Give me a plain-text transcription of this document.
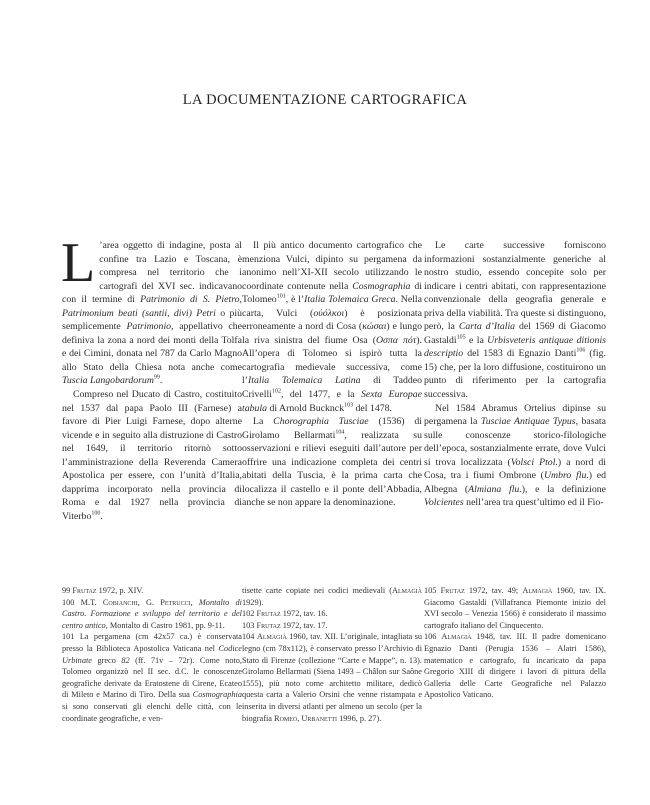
LA DOCUMENTAZIONE CARTOGRAFICA

L ’area oggetto di indagine, posta al confine tra Lazio e Toscana, è compresa nel territorio che i cartografi del XVI sec. indicavano con il termine di Patrimonio di S. Pietro, Patrimonium beati (santii, divi) Petri o più semplicemente Patrimonio, appellativo che definiva la zona a nord dei monti della Tolfa e dei Cimini, donata nel 787 da Carlo Magno allo Stato della Chiesa nota anche come Tuscia Langobardorum$^{99}$.

Compreso nel Ducato di Castro, costituito nel 1537 dal papa Paolo III (Farnese) a favore di Pier Luigi Farnese, dopo alterne vicende e in seguito alla distruzione di Castro nel 1649, il territorio ritornò sotto l’amministrazione della Reverenda Camera Apostolica per essere, con l’unità d’Italia, dapprima incorporato nella provincia di Roma e dal 1927 nella provincia di Viterbo$^{100}$.

Il più antico documento cartografico che menziona Vulci, dipinto su pergamena da anonimo nell’XI-XII secolo utilizzando le coordinate contenute nella Cosmographia di Tolomeo$^{101}$, è l’Italia Tolemaica Greca. Nella carta, Vulci (ούόλκοι) è posizionata erroneamente a nord di Cosa (κώσαι) e lungo la riva sinistra del fiume Osa (Οσπα πότ). All’opera di Tolomeo si ispirò tutta la cartografia medievale successiva, come l’Italia Tolemaica Latina di Taddeo Crivelli$^{102}$, del 1477, e la Sexta Europae tabula di Arnold Bucknck$^{103}$ del 1478.

La Chorographia Tusciae (1536) di Girolamo Bellarmati$^{104}$, realizzata su osservazioni e rilievi eseguiti dall’autore per offrire una indicazione completa dei centri abitati della Tuscia, è la prima carta che localizza il castello e il ponte dell’Abbadia, anche se non appare la denominazione.

Le carte successive forniscono informazioni sostanzialmente generiche al nostro studio, essendo concepite solo per indicare i centri abitati, con rappresentazione convenzionale della geografia generale e priva della viabilità. Tra queste si distinguono, però, la Carta d’Italia del 1569 di Giacomo Gastaldi$^{105}$ e la Urbisveteris antiquae ditionis descriptio del 1583 di Egnazio Danti$^{106}$ (fig. 15) che, per la loro diffusione, costituirono un punto di riferimento per la cartografia successiva.

Nel 1584 Abramus Ortelius dipinse su pergamena la Tusciae Antiquae Typus, basata sulle conoscenze storico-filologiche dell’epoca, sostanzialmente errate, dove Vulci si trova localizzata (Volsci Ptol.) a nord di Cosa, tra i fiumi Ombrone (Umbro flu.) ed Albegna (Almiana flu.), e la definizione Volcientes nell’area tra quest’ultimo ed il Fio-

99 Frutaz 1972, p. XIV.

100 M.T. Cobianchi, G. Petrucci, Montalto di Castro. Formazione e sviluppo del territorio e del centro antico, Montalto di Castro 1981, pp. 9-11.

101 La pergamena (cm 42x57 ca.) è conservata presso la Biblioteca Apostolica Vaticana nel Codice Urbinate greco 82 (ff. 71v – 72r). Come noto, Tolomeo organizzò nel II sec. d.C. le conoscenze geografiche derivate da Eratostene di Cirene, Ecateo di Mileto e Marino di Tiro. Della sua Cosmographia si sono conservati gli elenchi delle città, con le coordinate geografiche, e ven-

tisette carte copiate nei codici medievali (Almagià 1929).

102 Frutaz 1972, tav. 16.

103 Frutaz 1972, tav. 17.

104 Almagià 1960, tav. XII. L’originale, intagliata su legno (cm 78x112), è conservato presso l’Archivio di Stato di Firenze (collezione “Carte e Mappe”, n. 13). Girolamo Bellarmati (Siena 1493 – Châlon sur Saône 1555), più noto come architetto militare, dedicò questa carta a Valerio Orsini che venne ristampata e inserita in diversi atlanti per almeno un secolo (per la biografia Romeo, Urbanetti 1996, p. 27).

105 Frutaz 1972, tav. 49; Almagià 1960, tav. IX. Giacomo Gastaldi (Villafranca Piemonte inizio del XVI secolo – Venezia 1566) è considerato il massimo cartografo italiano del Cinquecento.

106 Almagià 1948, tav. III. Il padre domenicano Egnazio Danti (Perugia 1536 – Alatri 1586), matematico e cartografo, fu incaricato da papa Gregorio XIII di dirigere i lavori di pittura della Galleria delle Carte Geografiche nel Palazzo Apostolico Vaticano.
